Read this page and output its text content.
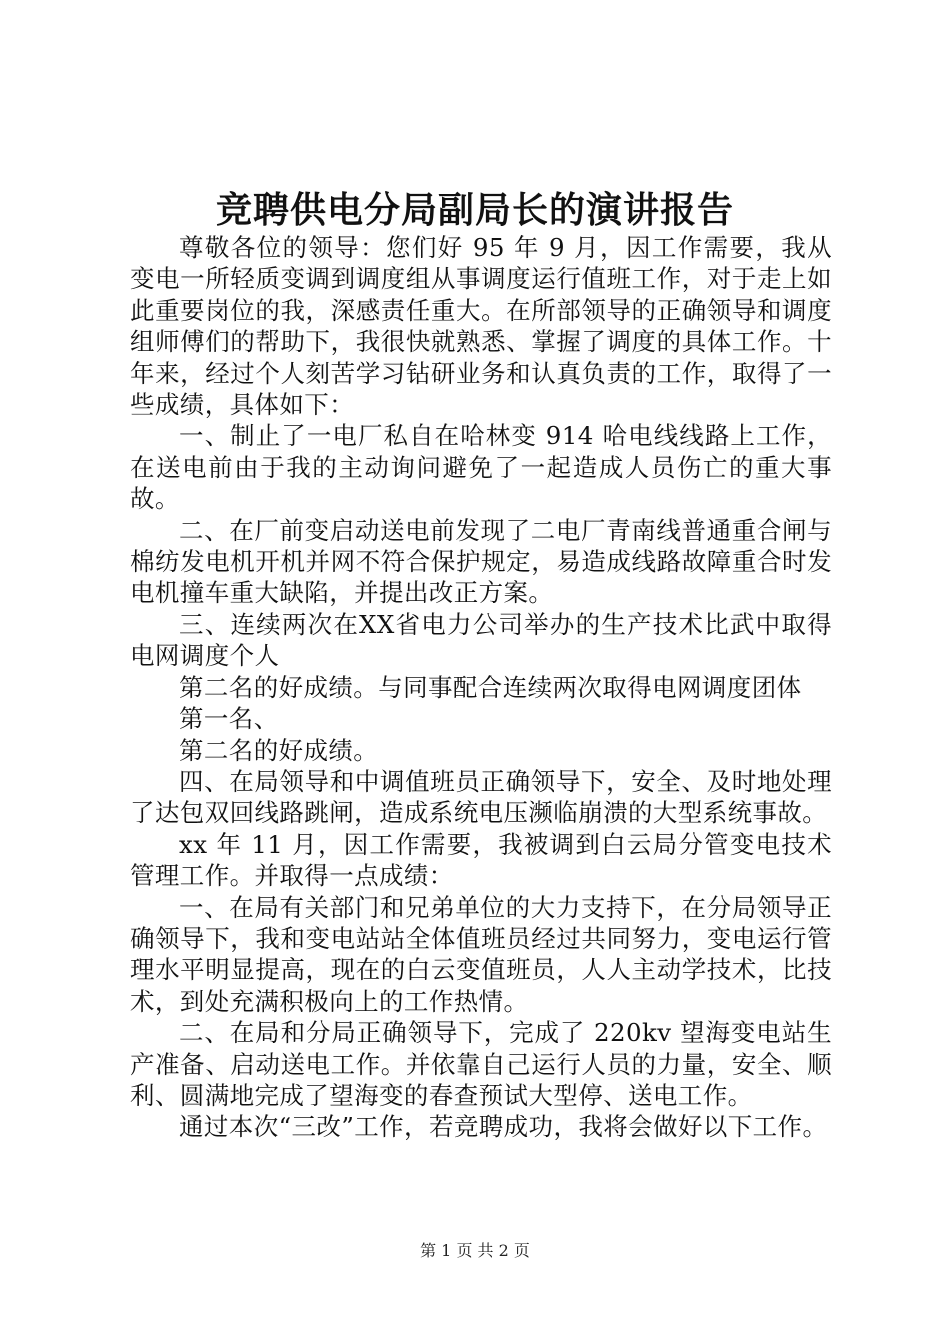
竞聘供电分局副局长的演讲报告

尊敬各位的领导：您们好 95 年 9 月，因工作需要，我从变电一所轻质变调到调度组从事调度运行值班工作，对于走上如此重要岗位的我，深感责任重大。在所部领导的正确领导和调度组师傅们的帮助下，我很快就熟悉、掌握了调度的具体工作。十年来，经过个人刻苦学习钻研业务和认真负责的工作，取得了一些成绩，具体如下：

一、制止了一电厂私自在哈林变 914 哈电线线路上工作，在送电前由于我的主动询问避免了一起造成人员伤亡的重大事故。

二、在厂前变启动送电前发现了二电厂青南线普通重合闸与棉纺发电机开机并网不符合保护规定，易造成线路故障重合时发电机撞车重大缺陷，并提出改正方案。

三、连续两次在XX省电力公司举办的生产技术比武中取得电网调度个人

第二名的好成绩。与同事配合连续两次取得电网调度团体

第一名、

第二名的好成绩。

四、在局领导和中调值班员正确领导下，安全、及时地处理了达包双回线路跳闸，造成系统电压濒临崩溃的大型系统事故。

xx 年 11 月，因工作需要，我被调到白云局分管变电技术管理工作。并取得一点成绩：

一、在局有关部门和兄弟单位的大力支持下，在分局领导正确领导下，我和变电站站全体值班员经过共同努力，变电运行管理水平明显提高，现在的白云变值班员，人人主动学技术，比技术，到处充满积极向上的工作热情。

二、在局和分局正确领导下，完成了 220kv 望海变电站生产准备、启动送电工作。并依靠自己运行人员的力量，安全、顺利、圆满地完成了望海变的春查预试大型停、送电工作。

通过本次“三改”工作，若竞聘成功，我将会做好以下工作。

第 1 页 共 2 页
